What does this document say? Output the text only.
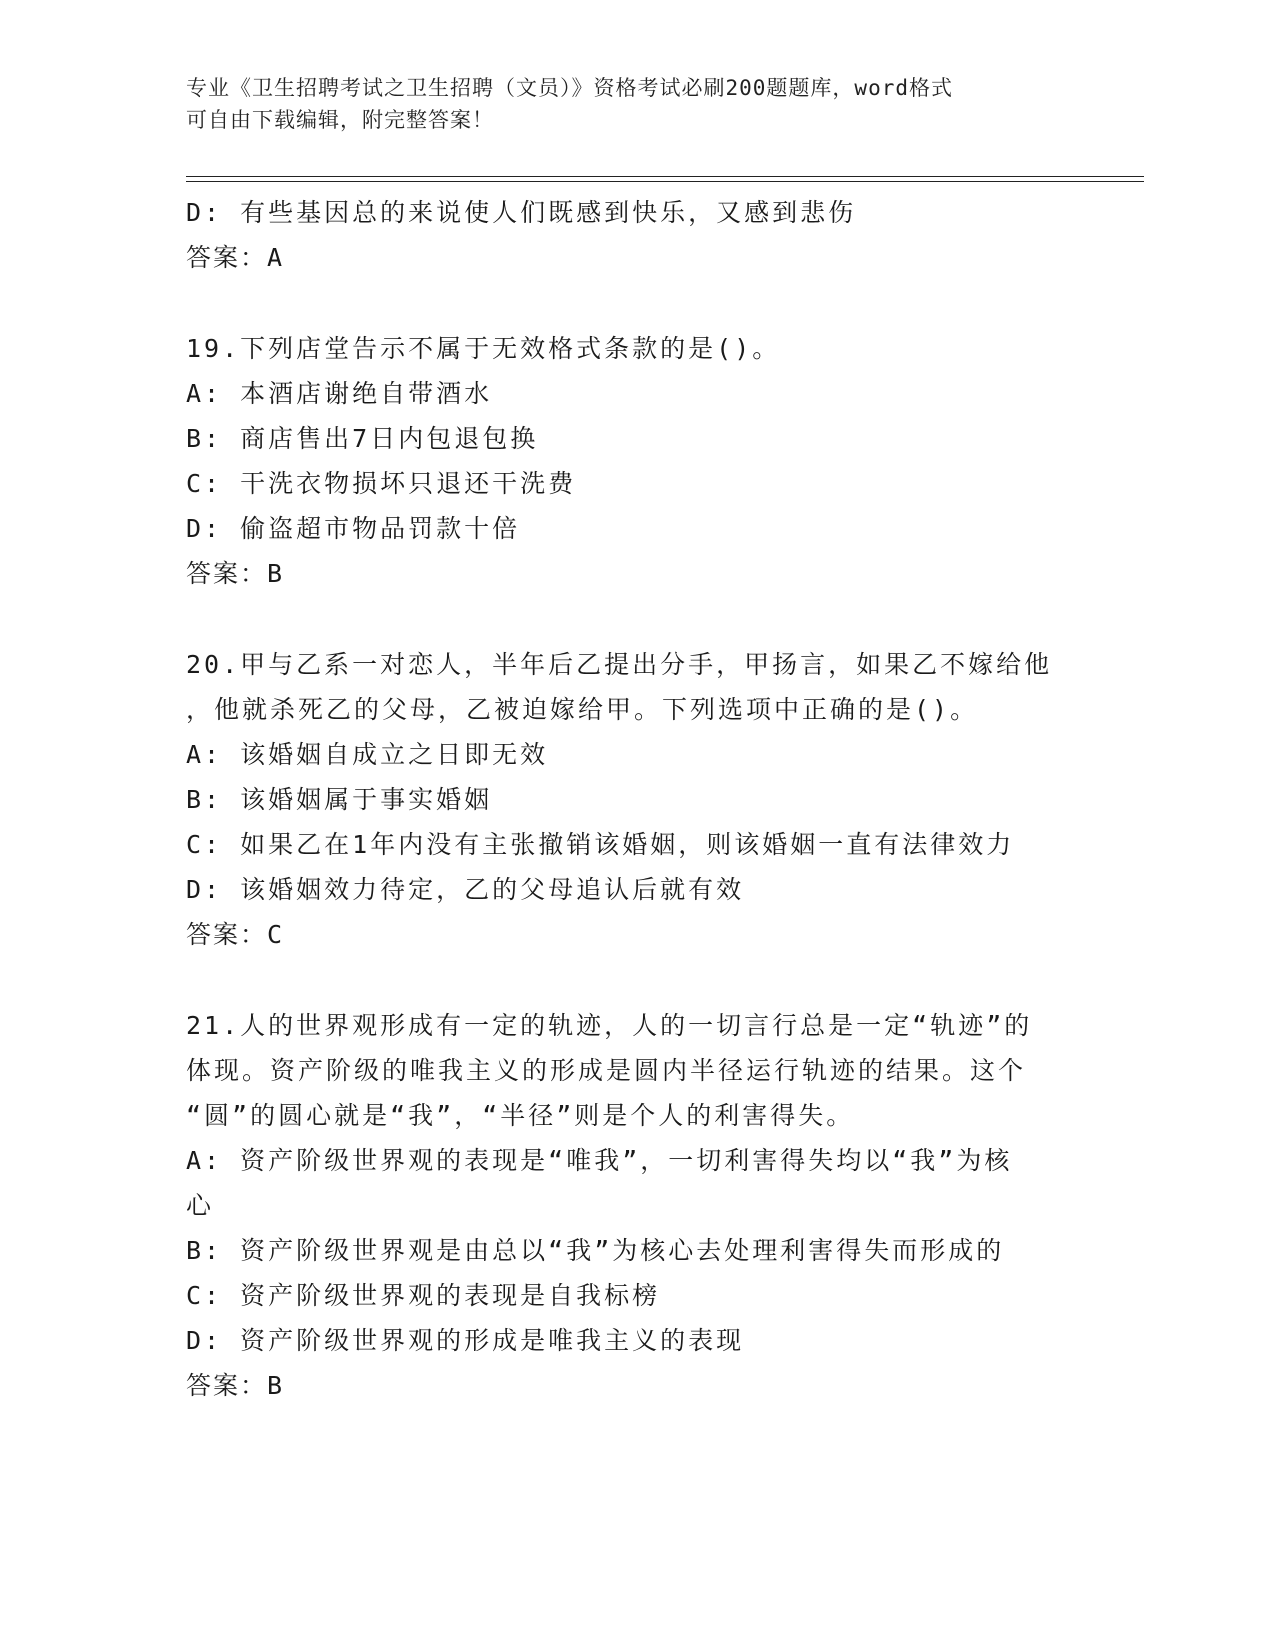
专业《卫生招聘考试之卫生招聘（文员）》资格考试必刷200题题库，word格式
可自由下载编辑，附完整答案！
D: 有些基因总的来说使人们既感到快乐，又感到悲伤
答案：A
19.下列店堂告示不属于无效格式条款的是()。
A: 本酒店谢绝自带酒水
B: 商店售出7日内包退包换
C: 干洗衣物损坏只退还干洗费
D: 偷盗超市物品罚款十倍
答案：B
20.甲与乙系一对恋人，半年后乙提出分手，甲扬言，如果乙不嫁给他
，他就杀死乙的父母，乙被迫嫁给甲。下列选项中正确的是()。
A: 该婚姻自成立之日即无效
B: 该婚姻属于事实婚姻
C: 如果乙在1年内没有主张撤销该婚姻，则该婚姻一直有法律效力
D: 该婚姻效力待定，乙的父母追认后就有效
答案：C
21.人的世界观形成有一定的轨迹，人的一切言行总是一定“轨迹”的
体现。资产阶级的唯我主义的形成是圆内半径运行轨迹的结果。这个
“圆”的圆心就是“我”，“半径”则是个人的利害得失。
A: 资产阶级世界观的表现是“唯我”，一切利害得失均以“我”为核
心
B: 资产阶级世界观是由总以“我”为核心去处理利害得失而形成的
C: 资产阶级世界观的表现是自我标榜
D: 资产阶级世界观的形成是唯我主义的表现
答案：B
